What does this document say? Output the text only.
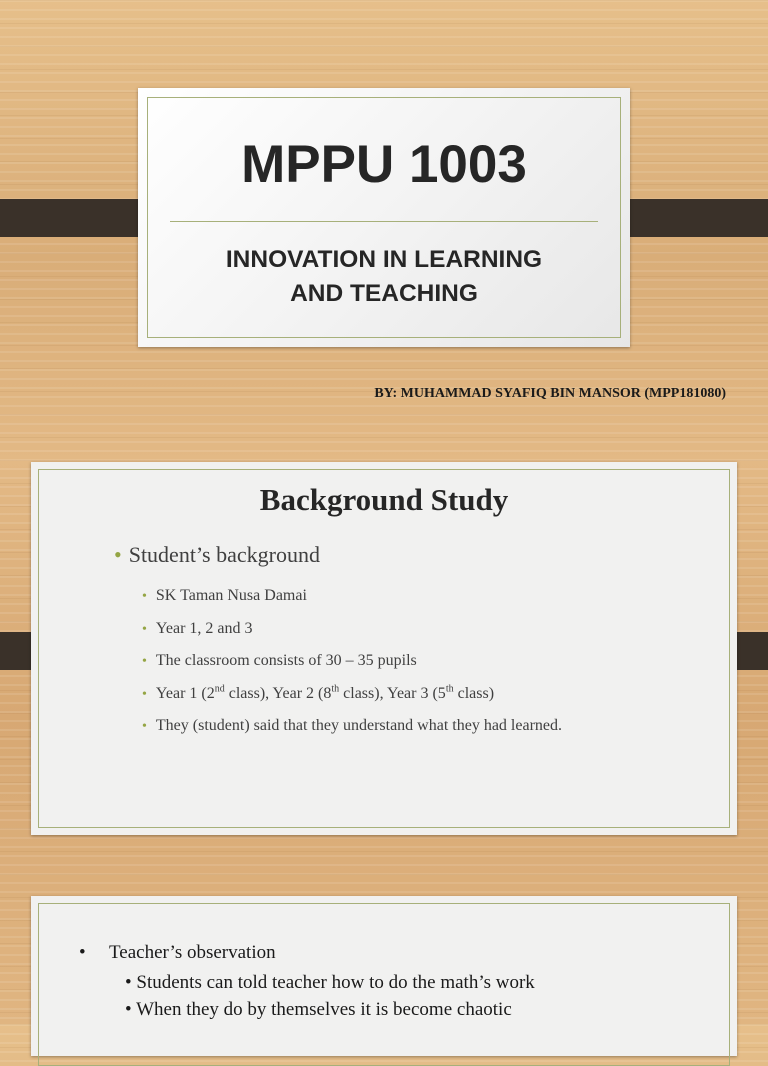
MPPU 1003
INNOVATION IN LEARNING
AND TEACHING
BY: MUHAMMAD SYAFIQ BIN MANSOR (MPP181080)
Background Study
• Student’s background
• SK Taman Nusa Damai
• Year 1, 2 and 3
• The classroom consists of 30 – 35 pupils
• Year 1 (2nd class), Year 2 (8th class), Year 3 (5th class)
• They (student) said that they understand what they had learned.
• Teacher’s observation
• Students can told teacher how to do the math’s work
• When they do by themselves it is become chaotic
